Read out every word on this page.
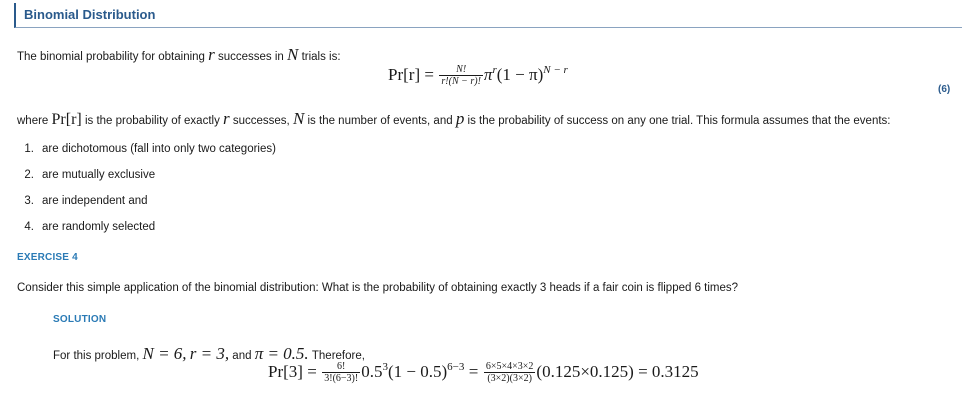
Binomial Distribution
The binomial probability for obtaining r successes in N trials is:
$Pr[r] = \frac{N!}{r!(N - r)!} \pi^r(1 - \pi)^{N - r}$
(6)
where Pr[r] is the probability of exactly r successes, N is the number of events, and p is the probability of success on any one trial. This formula assumes that the events:
1. are dichotomous (fall into only two categories)
2. are mutually exclusive
3. are independent and
4. are randomly selected
EXERCISE 4
Consider this simple application of the binomial distribution: What is the probability of obtaining exactly 3 heads if a fair coin is flipped 6 times?
SOLUTION
For this problem, N = 6, r = 3, and π = 0.5. Therefore,
$Pr[3] = \frac{6!}{3!(6-3)!} 0.5^3(1 - 0.5)^{6-3} = \frac{6\times 5\times 4\times 3\times 2}{(3\times 2)(3\times 2)} (0.125\times 0.125) = 0.3125$
